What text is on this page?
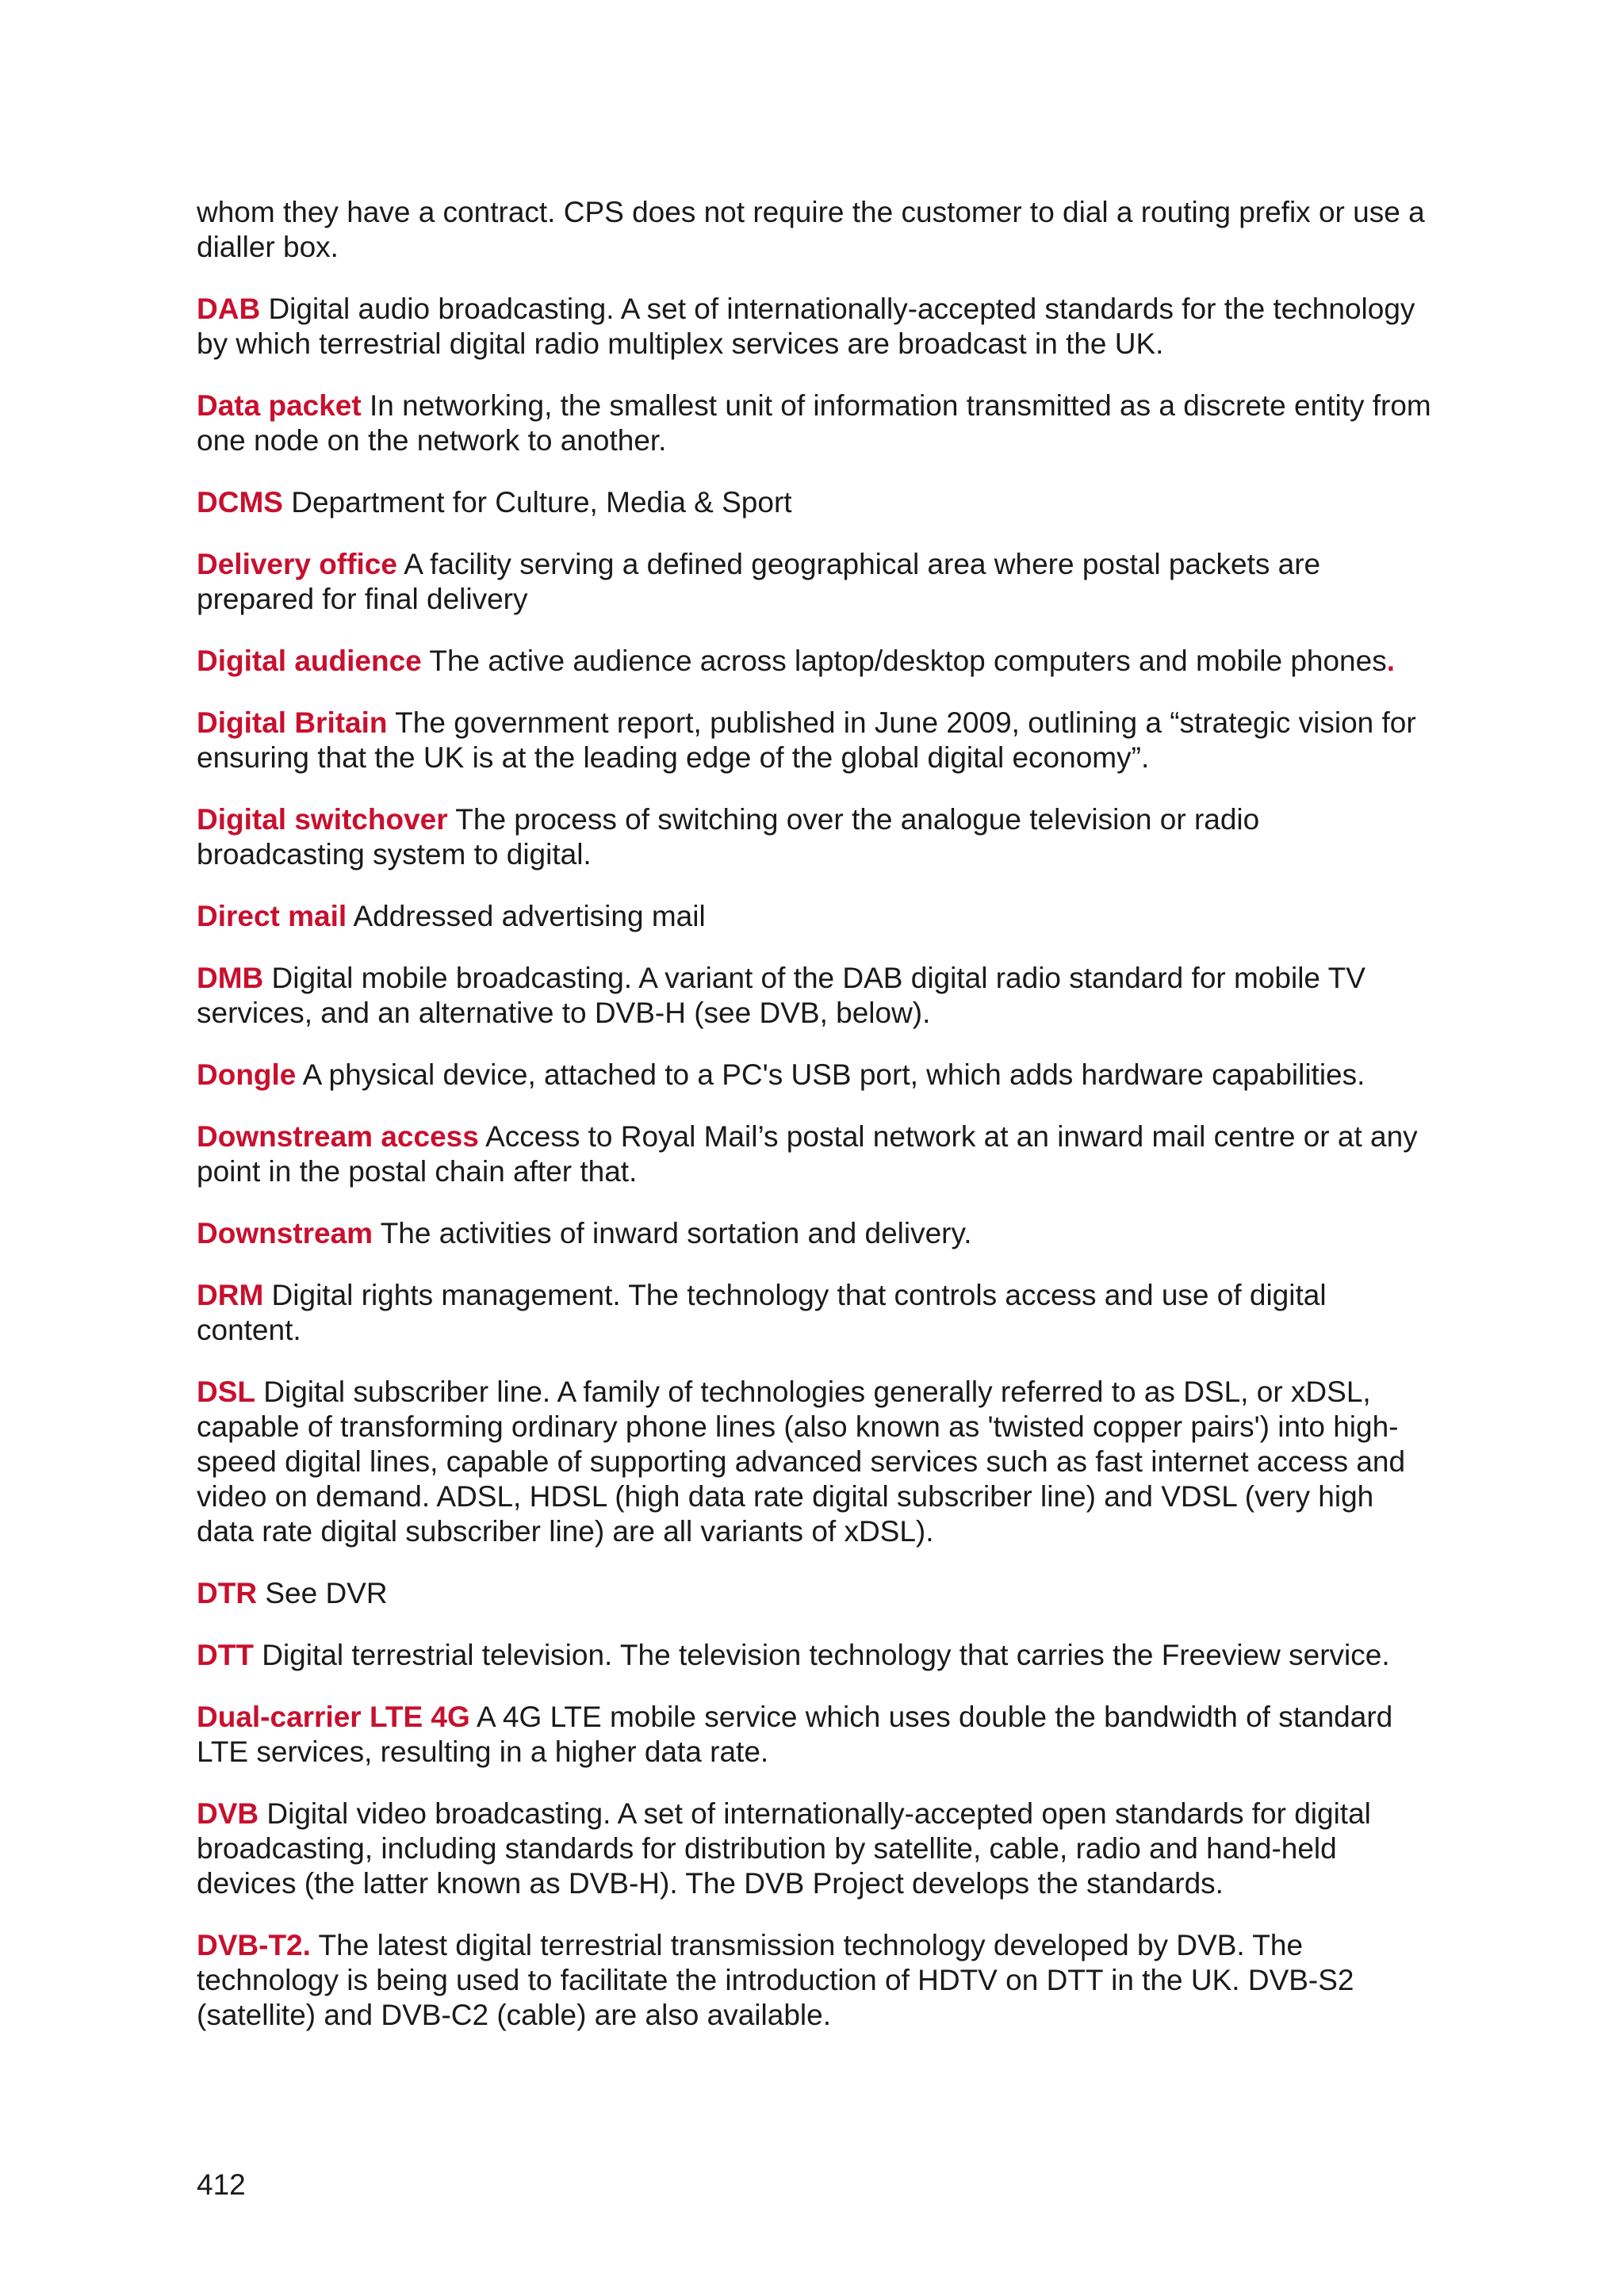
whom they have a contract. CPS does not require the customer to dial a routing prefix or use a dialler box.

DAB Digital audio broadcasting. A set of internationally-accepted standards for the technology by which terrestrial digital radio multiplex services are broadcast in the UK.

Data packet In networking, the smallest unit of information transmitted as a discrete entity from one node on the network to another.

DCMS Department for Culture, Media & Sport

Delivery office A facility serving a defined geographical area where postal packets are prepared for final delivery

Digital audience The active audience across laptop/desktop computers and mobile phones.

Digital Britain The government report, published in June 2009, outlining a “strategic vision for ensuring that the UK is at the leading edge of the global digital economy”.

Digital switchover The process of switching over the analogue television or radio broadcasting system to digital.

Direct mail Addressed advertising mail

DMB Digital mobile broadcasting. A variant of the DAB digital radio standard for mobile TV services, and an alternative to DVB-H (see DVB, below).

Dongle A physical device, attached to a PC's USB port, which adds hardware capabilities.

Downstream access Access to Royal Mail’s postal network at an inward mail centre or at any point in the postal chain after that.

Downstream The activities of inward sortation and delivery.

DRM Digital rights management. The technology that controls access and use of digital content.

DSL Digital subscriber line. A family of technologies generally referred to as DSL, or xDSL, capable of transforming ordinary phone lines (also known as 'twisted copper pairs') into high-speed digital lines, capable of supporting advanced services such as fast internet access and video on demand. ADSL, HDSL (high data rate digital subscriber line) and VDSL (very high data rate digital subscriber line) are all variants of xDSL).

DTR See DVR

DTT Digital terrestrial television. The television technology that carries the Freeview service.

Dual-carrier LTE 4G A 4G LTE mobile service which uses double the bandwidth of standard LTE services, resulting in a higher data rate.

DVB Digital video broadcasting. A set of internationally-accepted open standards for digital broadcasting, including standards for distribution by satellite, cable, radio and hand-held devices (the latter known as DVB-H). The DVB Project develops the standards.

DVB-T2. The latest digital terrestrial transmission technology developed by DVB. The technology is being used to facilitate the introduction of HDTV on DTT in the UK. DVB-S2 (satellite) and DVB-C2 (cable) are also available.

412
